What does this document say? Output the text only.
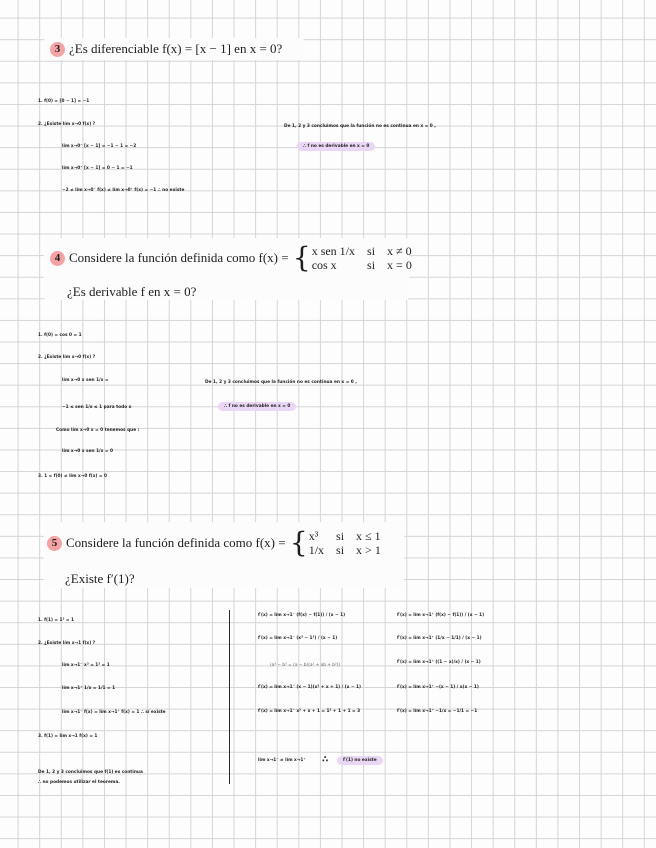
3 ¿Es diferenciable f(x) = [x − 1] en x = 0?
1. f(0) = [0 − 1] = −1
2. ¿Existe lím x→0 f(x) ?
lím x→0⁻ [x − 1] = −1 − 1 = −2
lím x→0⁺ [x − 1] = 0 − 1 = −1
−2 ≠ lím x→0⁻ f(x) ≠ lím x→0⁺ f(x) = −1 ∴ no existe
De 1, 2 y 3 concluimos que la función no es continua en x = 0 ,
∴ f no es derivable en x = 0
4 Considere la función definida como f(x) = { x sen 1/x si x ≠ 0
cos x	si x = 0
¿Es derivable f en x = 0?
1. f(0) = cos 0 = 1
2. ¿Existe lím x→0 f(x) ?
lím x→0 x sen 1/x =
−1 ≤ sen 1/x ≤ 1 para todo x
Como lím x→0 x = 0 tenemos que :
lím x→0 x sen 1/x = 0
3. 1 = f(0) ≠ lím x→0 f(x) = 0
De 1, 2 y 3 concluimos que la función no es continua en x = 0 ,
∴ f no es derivable en x = 0
5 Considere la función definida como f(x) = { x³	si x ≤ 1
1/x si x > 1
¿Existe f′(1)?
1. f(1) = 1³ = 1
2. ¿Existe lím x→1 f(x) ?
lím x→1⁻ x³ = 1³ = 1
lím x→1⁺ 1/x = 1/1 = 1
lím x→1⁻ f(x) = lím x→1⁺ f(x) = 1 ∴ sí existe
3. f(1) = lím x→1 f(x) = 1
De 1, 2 y 3 concluimos que f(1) es continua
∴ no podemos utilizar el teorema.
f′(x) = lím x→1⁻ (f(x) − f(1)) / (x − 1)
f′(x) = lím x→1⁻ (x³ − 1³) / (x − 1)
(a³ − b³ = (a − b)(a² + ab + b²))
f′(x) = lím x→1⁻ (x − 1)(x² + x + 1) / (x − 1)
f′(x) = lím x→1⁻ x² + x + 1 = 1² + 1 + 1 = 3
f′(x) = lím x→1⁺ (f(x) − f(1)) / (x − 1)
f′(x) = lím x→1⁺ (1/x − 1/1) / (x − 1)
f′(x) = lím x→1⁺ ((1 − x)/x) / (x − 1)
f′(x) = lím x→1⁺ −(x − 1) / x(x − 1)
f′(x) = lím x→1⁺ −1/x = −1/1 = −1
lím x→1⁻ ≠ lím x→1⁺ ∴	f′(1) no existe
